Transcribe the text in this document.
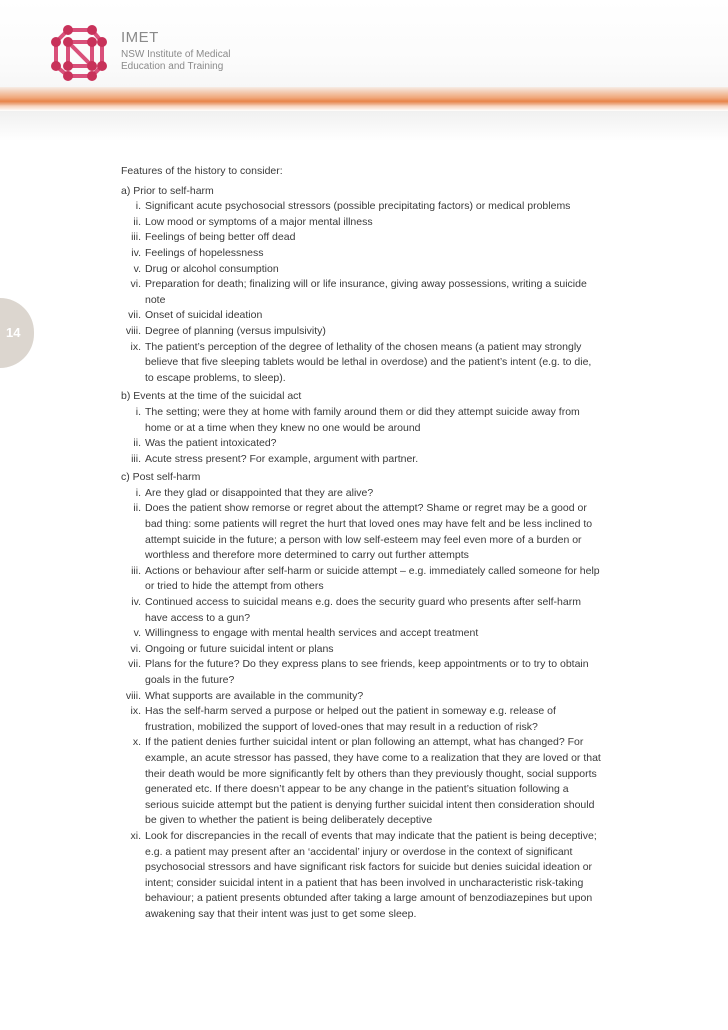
IMET
NSW Institute of Medical
Education and Training
14
Features of the history to consider:
a) Prior to self-harm
i. Significant acute psychosocial stressors (possible precipitating factors) or medical problems
ii. Low mood or symptoms of a major mental illness
iii. Feelings of being better off dead
iv. Feelings of hopelessness
v. Drug or alcohol consumption
vi. Preparation for death; finalizing will or life insurance, giving away possessions, writing a suicide note
vii. Onset of suicidal ideation
viii. Degree of planning (versus impulsivity)
ix. The patient’s perception of the degree of lethality of the chosen means (a patient may strongly believe that five sleeping tablets would be lethal in overdose) and the patient’s intent (e.g. to die, to escape problems, to sleep).
b) Events at the time of the suicidal act
i. The setting; were they at home with family around them or did they attempt suicide away from home or at a time when they knew no one would be around
ii. Was the patient intoxicated?
iii. Acute stress present? For example, argument with partner.
c) Post self-harm
i. Are they glad or disappointed that they are alive?
ii. Does the patient show remorse or regret about the attempt? Shame or regret may be a good or bad thing: some patients will regret the hurt that loved ones may have felt and be less inclined to attempt suicide in the future; a person with low self-esteem may feel even more of a burden or worthless and therefore more determined to carry out further attempts
iii. Actions or behaviour after self-harm or suicide attempt – e.g. immediately called someone for help or tried to hide the attempt from others
iv. Continued access to suicidal means e.g. does the security guard who presents after self-harm have access to a gun?
v. Willingness to engage with mental health services and accept treatment
vi. Ongoing or future suicidal intent or plans
vii. Plans for the future? Do they express plans to see friends, keep appointments or to try to obtain goals in the future?
viii. What supports are available in the community?
ix. Has the self-harm served a purpose or helped out the patient in someway e.g. release of frustration, mobilized the support of loved-ones that may result in a reduction of risk?
x. If the patient denies further suicidal intent or plan following an attempt, what has changed? For example, an acute stressor has passed, they have come to a realization that they are loved or that their death would be more significantly felt by others than they previously thought, social supports generated etc. If there doesn’t appear to be any change in the patient’s situation following a serious suicide attempt but the patient is denying further suicidal intent then consideration should be given to whether the patient is being deliberately deceptive
xi. Look for discrepancies in the recall of events that may indicate that the patient is being deceptive; e.g. a patient may present after an ‘accidental’ injury or overdose in the context of significant psychosocial stressors and have significant risk factors for suicide but denies suicidal ideation or intent; consider suicidal intent in a patient that has been involved in uncharacteristic risk-taking behaviour; a patient presents obtunded after taking a large amount of benzodiazepines but upon awakening say that their intent was just to get some sleep.
